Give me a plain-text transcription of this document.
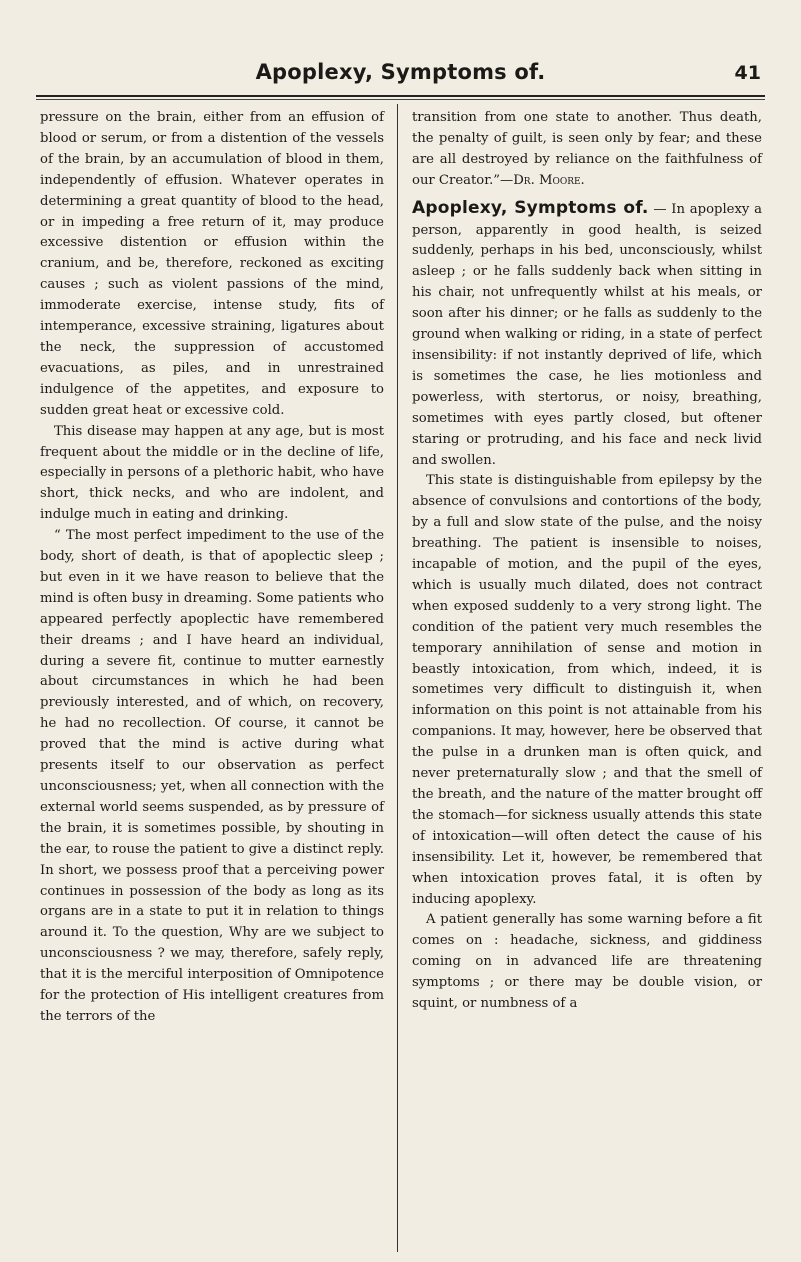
Apoplexy, Symptoms of.	41

pressure on the brain, either from an effusion of blood or serum, or from a distention of the vessels of the brain, by an accumulation of blood in them, independently of effusion. Whatever operates in determining a great quantity of blood to the head, or in impeding a free return of it, may produce excessive distention or effusion within the cranium, and be, therefore, reckoned as exciting causes ; such as violent passions of the mind, immoderate exercise, intense study, fits of intemperance, excessive straining, ligatures about the neck, the suppression of accustomed evacuations, as piles, and in unrestrained indulgence of the appetites, and exposure to sudden great heat or excessive cold.

This disease may happen at any age, but is most frequent about the middle or in the decline of life, especially in persons of a plethoric habit, who have short, thick necks, and who are indolent, and indulge much in eating and drinking.

“ The most perfect impediment to the use of the body, short of death, is that of apoplectic sleep ; but even in it we have reason to believe that the mind is often busy in dreaming. Some patients who appeared perfectly apoplectic have remembered their dreams ; and I have heard an individual, during a severe fit, continue to mutter earnestly about circumstances in which he had been previously interested, and of which, on recovery, he had no recollection. Of course, it cannot be proved that the mind is active during what presents itself to our observation as perfect unconsciousness; yet, when all connection with the external world seems suspended, as by pressure of the brain, it is sometimes possible, by shouting in the ear, to rouse the patient to give a distinct reply. In short, we possess proof that a perceiving power continues in possession of the body as long as its organs are in a state to put it in relation to things around it. To the question, Why are we subject to unconsciousness ? we may, therefore, safely reply, that it is the merciful interposition of Omnipotence for the protection of His intelligent creatures from the terrors of the

transition from one state to another. Thus death, the penalty of guilt, is seen only by fear; and these are all destroyed by reliance on the faithfulness of our Creator.”—Dr. Moore.

Apoplexy, Symptoms of. — In apoplexy a person, apparently in good health, is seized suddenly, perhaps in his bed, unconsciously, whilst asleep ; or he falls suddenly back when sitting in his chair, not unfrequently whilst at his meals, or soon after his dinner; or he falls as suddenly to the ground when walking or riding, in a state of perfect insensibility: if not instantly deprived of life, which is sometimes the case, he lies motionless and powerless, with stertorus, or noisy, breathing, sometimes with eyes partly closed, but oftener staring or protruding, and his face and neck livid and swollen.

This state is distinguishable from epilepsy by the absence of convulsions and contortions of the body, by a full and slow state of the pulse, and the noisy breathing. The patient is insensible to noises, incapable of motion, and the pupil of the eyes, which is usually much dilated, does not contract when exposed suddenly to a very strong light. The condition of the patient very much resembles the temporary annihilation of sense and motion in beastly intoxication, from which, indeed, it is sometimes very difficult to distinguish it, when information on this point is not attainable from his companions. It may, however, here be observed that the pulse in a drunken man is often quick, and never preternaturally slow ; and that the smell of the breath, and the nature of the matter brought off the stomach—for sickness usually attends this state of intoxication—will often detect the cause of his insensibility. Let it, however, be remembered that when intoxication proves fatal, it is often by inducing apoplexy.

A patient generally has some warning before a fit comes on : headache, sickness, and giddiness coming on in advanced life are threatening symptoms ; or there may be double vision, or squint, or numbness of a
